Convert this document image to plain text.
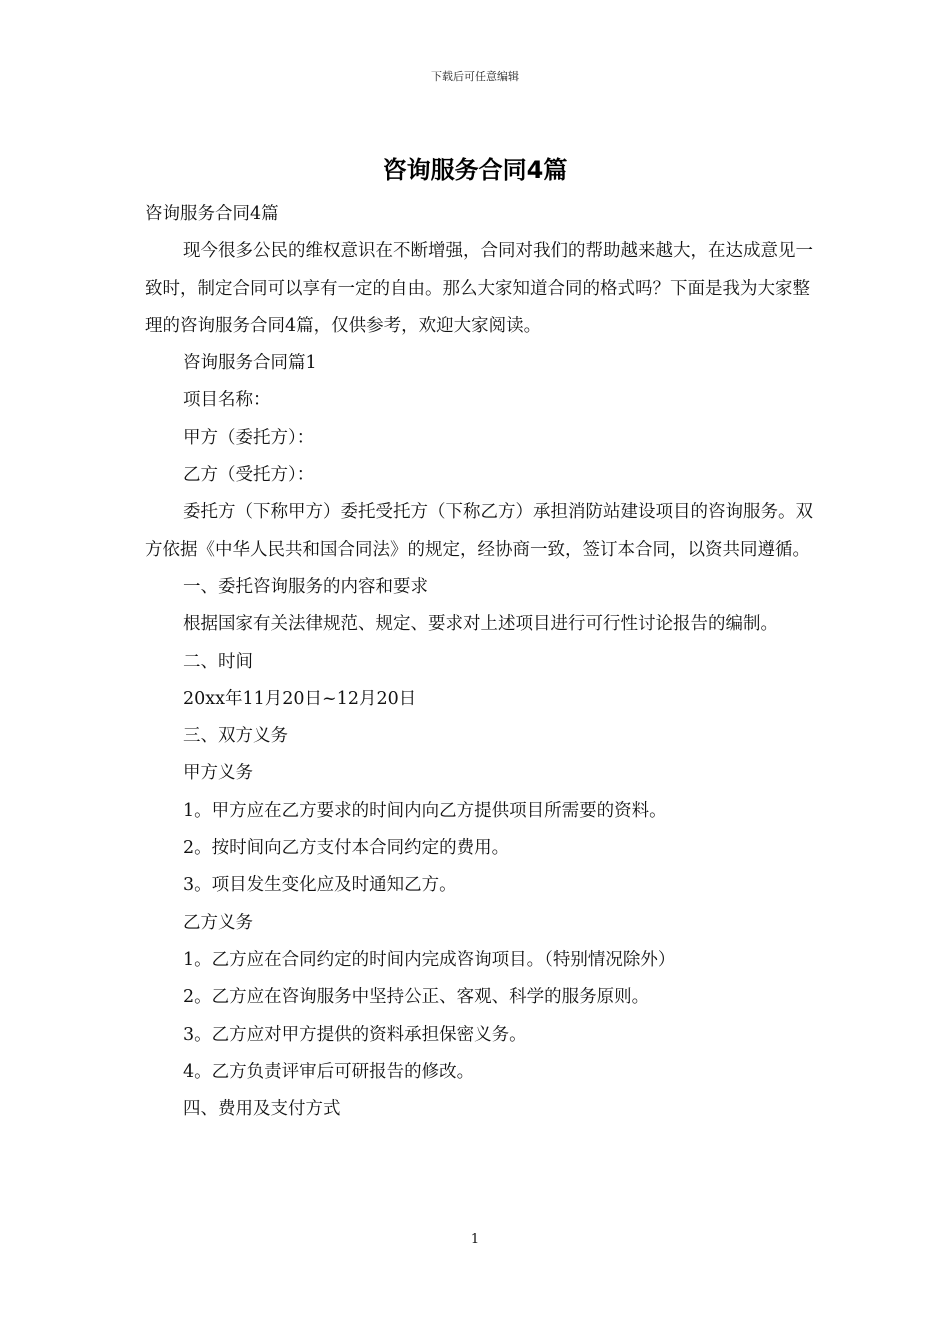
下载后可任意编辑
咨询服务合同4篇

咨询服务合同4篇

现今很多公民的维权意识在不断增强，合同对我们的帮助越来越大，在达成意见一致时，制定合同可以享有一定的自由。那么大家知道合同的格式吗？下面是我为大家整理的咨询服务合同4篇，仅供参考，欢迎大家阅读。

咨询服务合同篇1

项目名称：

甲方（委托方）：

乙方（受托方）：

委托方（下称甲方）委托受托方（下称乙方）承担消防站建设项目的咨询服务。双方依据《中华人民共和国合同法》的规定，经协商一致，签订本合同，以资共同遵循。

一、委托咨询服务的内容和要求

根据国家有关法律规范、规定、要求对上述项目进行可行性讨论报告的编制。

二、时间

20xx年11月20日~12月20日

三、双方义务

甲方义务

1。甲方应在乙方要求的时间内向乙方提供项目所需要的资料。

2。按时间向乙方支付本合同约定的费用。

3。项目发生变化应及时通知乙方。

乙方义务

1。乙方应在合同约定的时间内完成咨询项目。（特别情况除外）

2。乙方应在咨询服务中坚持公正、客观、科学的服务原则。

3。乙方应对甲方提供的资料承担保密义务。

4。乙方负责评审后可研报告的修改。

四、费用及支付方式

1
